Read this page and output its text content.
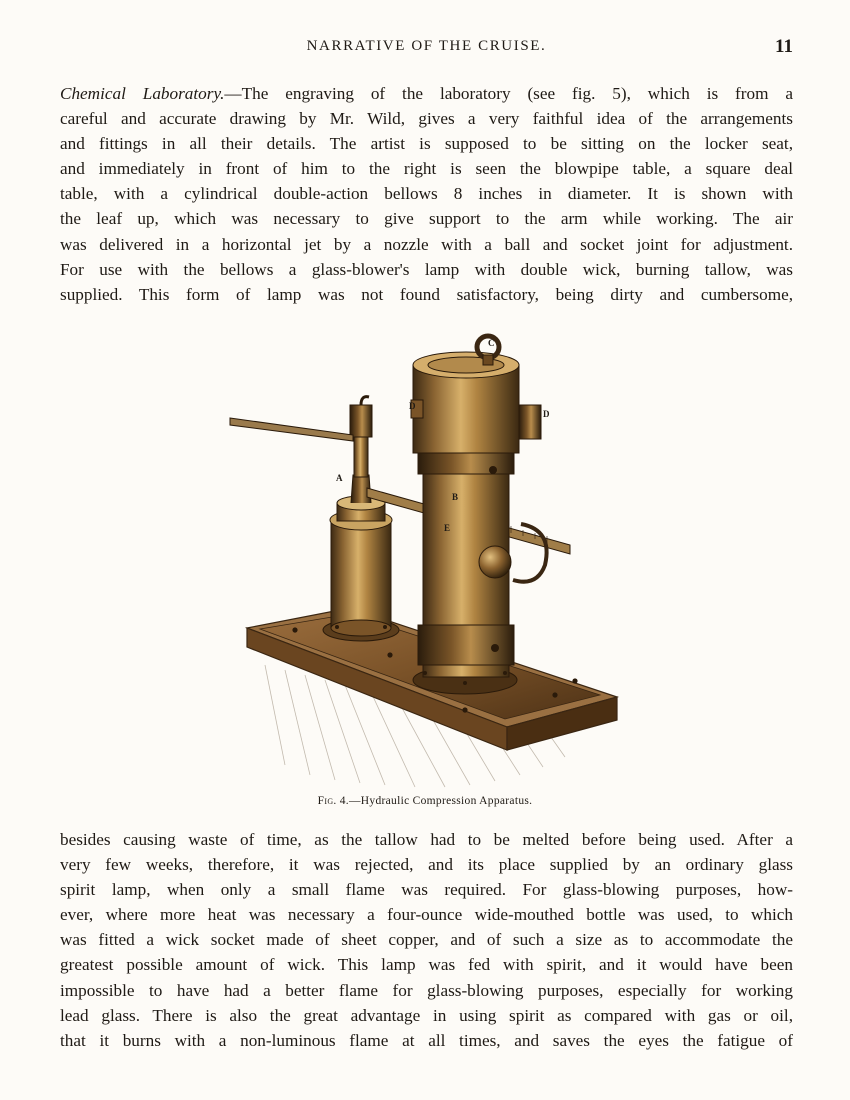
NARRATIVE OF THE CRUISE.	11
Chemical Laboratory.—The engraving of the laboratory (see fig. 5), which is from a
careful and accurate drawing by Mr. Wild, gives a very faithful idea of the arrangements
and fittings in all their details. The artist is supposed to be sitting on the locker seat,
and immediately in front of him to the right is seen the blowpipe table, a square deal
table, with a cylindrical double-action bellows 8 inches in diameter. It is shown with
the leaf up, which was necessary to give support to the arm while working. The air
was delivered in a horizontal jet by a nozzle with a ball and socket joint for adjustment.
For use with the bellows a glass-blower's lamp with double wick, burning tallow, was
supplied. This form of lamp was not found satisfactory, being dirty and cumbersome,
C
D
D
A
B
E
Fig. 4.—Hydraulic Compression Apparatus.
besides causing waste of time, as the tallow had to be melted before being used. After a
very few weeks, therefore, it was rejected, and its place supplied by an ordinary glass
spirit lamp, when only a small flame was required. For glass-blowing purposes, how-
ever, where more heat was necessary a four-ounce wide-mouthed bottle was used, to which
was fitted a wick socket made of sheet copper, and of such a size as to accommodate the
greatest possible amount of wick. This lamp was fed with spirit, and it would have been
impossible to have had a better flame for glass-blowing purposes, especially for working
lead glass. There is also the great advantage in using spirit as compared with gas or oil,
that it burns with a non-luminous flame at all times, and saves the eyes the fatigue of
